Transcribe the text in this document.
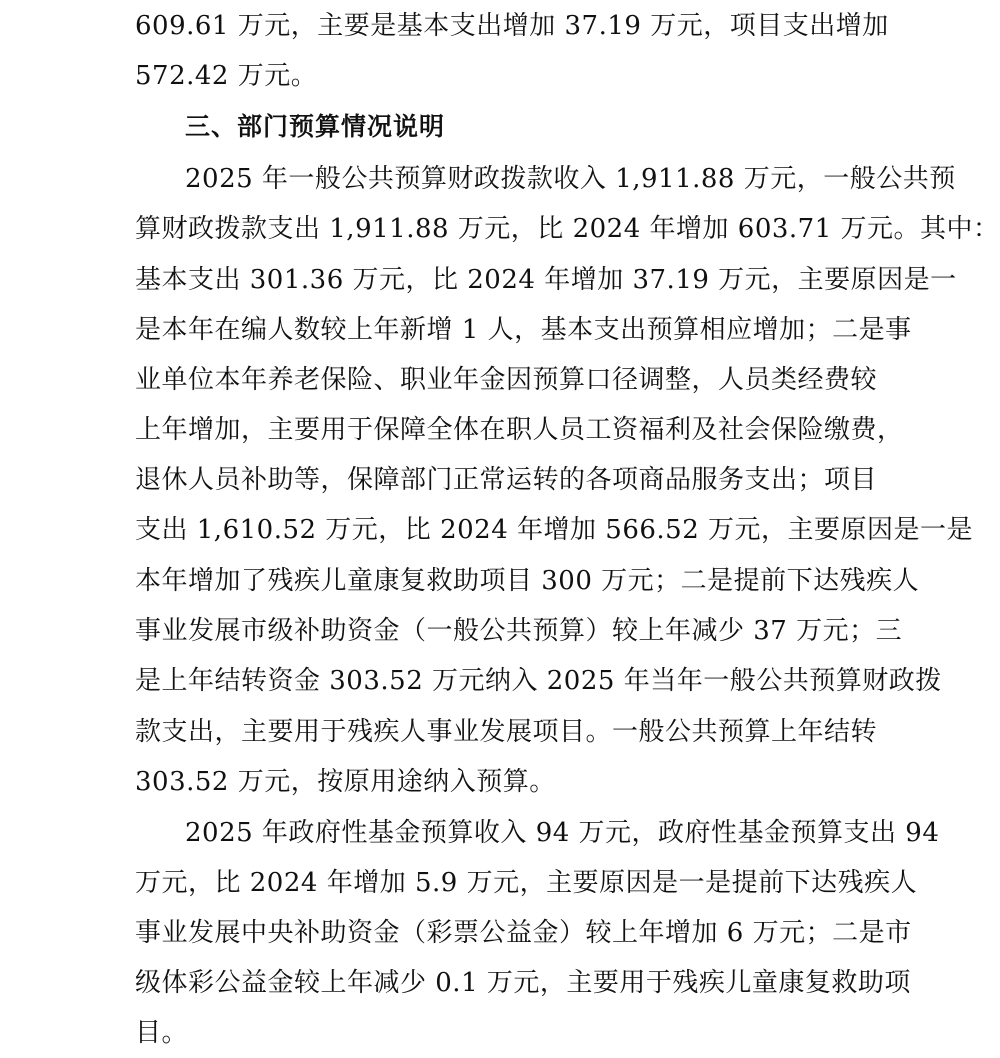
609.61 万元，主要是基本支出增加 37.19 万元，项目支出增加
572.42 万元。
三、部门预算情况说明
2025 年一般公共预算财政拨款收入 1,911.88 万元，一般公共预
算财政拨款支出 1,911.88 万元，比 2024 年增加 603.71 万元。其中：
基本支出 301.36 万元，比 2024 年增加 37.19 万元，主要原因是一
是本年在编人数较上年新增 1 人，基本支出预算相应增加；二是事
业单位本年养老保险、职业年金因预算口径调整，人员类经费较
上年增加，主要用于保障全体在职人员工资福利及社会保险缴费，
退休人员补助等，保障部门正常运转的各项商品服务支出；项目
支出 1,610.52 万元，比 2024 年增加 566.52 万元，主要原因是一是
本年增加了残疾儿童康复救助项目 300 万元；二是提前下达残疾人
事业发展市级补助资金（一般公共预算）较上年减少 37 万元；三
是上年结转资金 303.52 万元纳入 2025 年当年一般公共预算财政拨
款支出，主要用于残疾人事业发展项目。一般公共预算上年结转
303.52 万元，按原用途纳入预算。
2025 年政府性基金预算收入 94 万元，政府性基金预算支出 94
万元，比 2024 年增加 5.9 万元，主要原因是一是提前下达残疾人
事业发展中央补助资金（彩票公益金）较上年增加 6 万元；二是市
级体彩公益金较上年减少 0.1 万元，主要用于残疾儿童康复救助项
目。
